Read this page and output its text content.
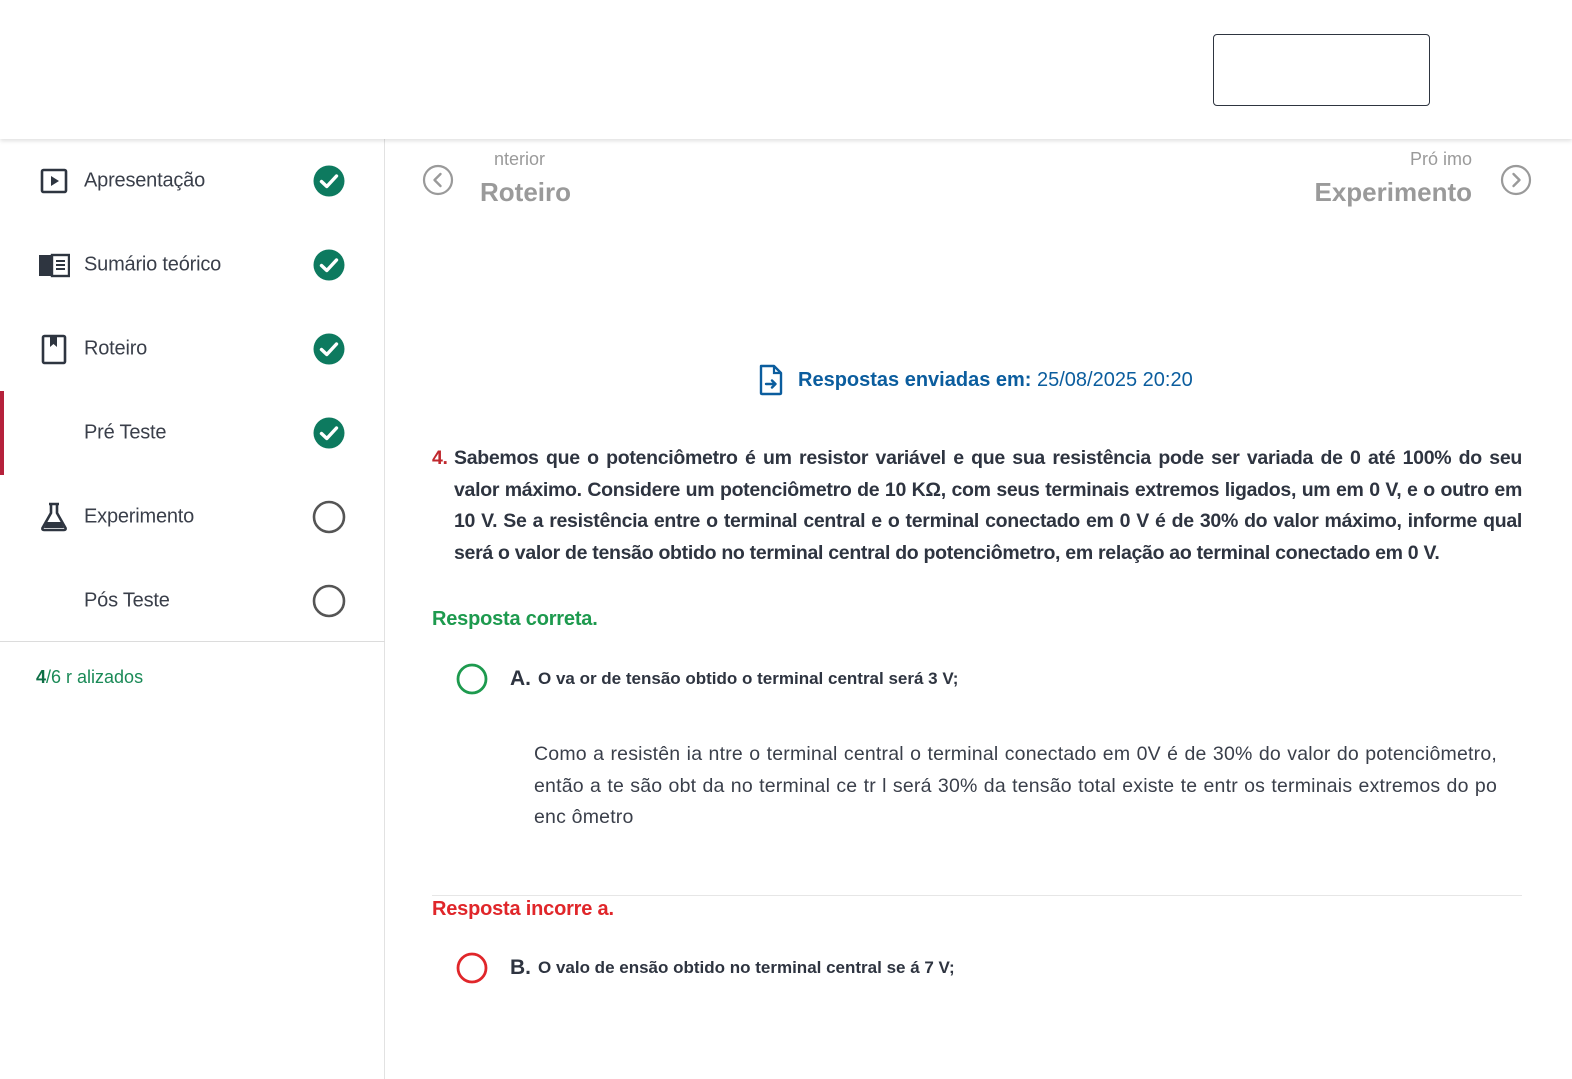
Apresentação
Sumário teórico
Roteiro
Pré Teste
Experimento
Pós Teste
4/6 r alizados
nterior
Roteiro
Pró imo
Experimento
Respostas enviadas em: 25/08/2025 20:20
4. Sabemos que o potenciômetro é um resistor variável e que sua resistência pode ser variada de 0 até 100% do seu valor máximo. Considere um potenciômetro de 10 KΩ, com seus terminais extremos ligados, um em 0 V, e o outro em 10 V. Se a resistência entre o terminal central e o terminal conectado em 0 V é de 30% do valor máximo, informe qual será o valor de tensão obtido no terminal central do potenciômetro, em relação ao terminal conectado em 0 V.
Resposta correta.
A. O va or de tensão obtido o terminal central será 3 V;
Como a resistên ia ntre o terminal central o terminal conectado em 0V é de 30% do valor do potenciômetro, então a te são obt da no terminal ce tr l será 30% da tensão total existe te entr os terminais extremos do po enc ômetro
Resposta incorre a.
B. O valo de ensão obtido no terminal central se á 7 V;
